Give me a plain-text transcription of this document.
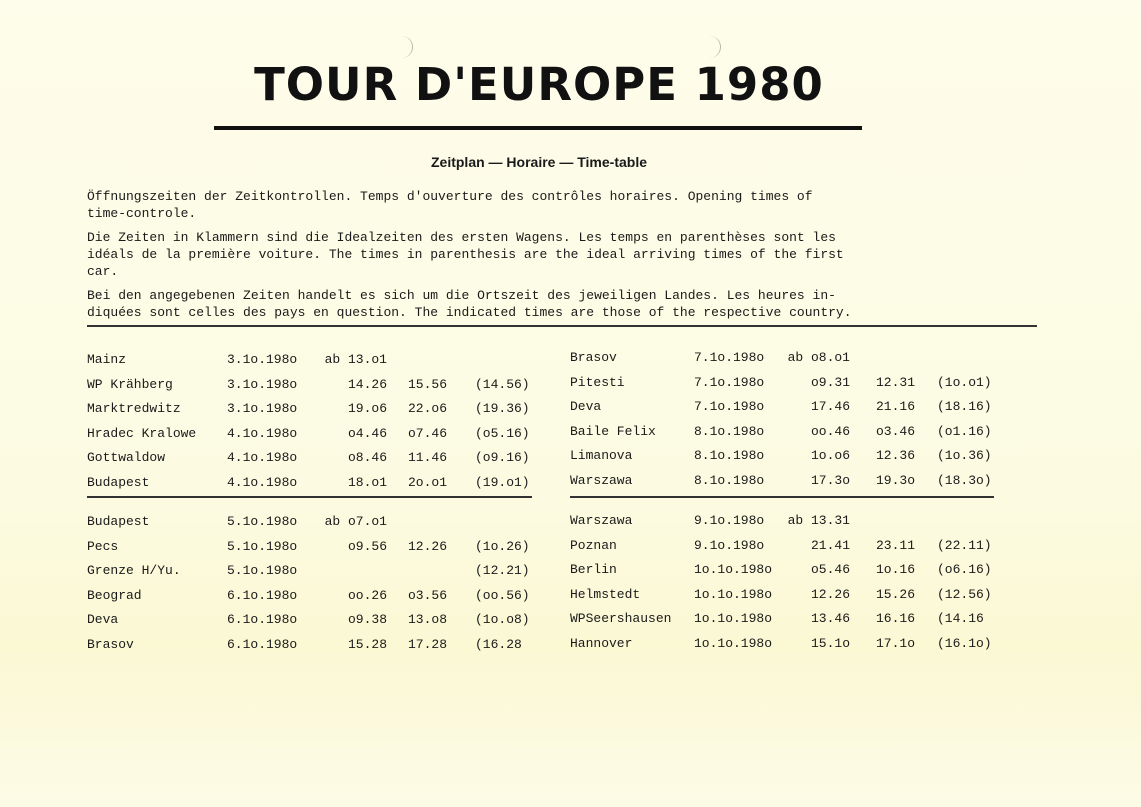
TOUR D'EUROPE 1980
Zeitplan — Horaire — Time-table

Öffnungszeiten der Zeitkontrollen. Temps d'ouverture des contrôles horaires. Opening times of
time-controle.

Die Zeiten in Klammern sind die Idealzeiten des ersten Wagens. Les temps en parenthèses sont les
idéals de la première voiture. The times in parenthesis are the ideal arriving times of the first
car.

Bei den angegebenen Zeiten handelt es sich um die Ortszeit des jeweiligen Landes. Les heures in-
diquées sont celles des pays en question. The indicated times are those of the respective country.

Mainz	3.1o.198o	ab 13.o1
WP Krähberg	3.1o.198o	14.26 15.56 (14.56)
Marktredwitz	3.1o.198o	19.o6 22.o6 (19.36)
Hradec Kralowe 4.1o.198o	o4.46 o7.46 (o5.16)
Gottwaldow	4.1o.198o	o8.46 11.46 (o9.16)
Budapest	4.1o.198o	18.o1 2o.o1 (19.o1)
Budapest	5.1o.198o	ab o7.o1
Pecs	5.1o.198o	o9.56 12.26 (1o.26)
Grenze H/Yu.	5.1o.198o	(12.21)
Beograd	6.1o.198o	oo.26 o3.56 (oo.56)
Deva	6.1o.198o	o9.38 13.o8 (1o.o8)
Brasov	6.1o.198o	15.28 17.28 (16.28
Brasov	7.1o.198o	ab o8.o1
Pitesti	7.1o.198o	o9.31 12.31 (1o.o1)
Deva	7.1o.198o	17.46 21.16 (18.16)
Baile Felix	8.1o.198o	oo.46 o3.46 (o1.16)
Limanova	8.1o.198o	1o.o6 12.36 (1o.36)
Warszawa	8.1o.198o	17.3o 19.3o (18.3o)
Warszawa	9.1o.198o	ab 13.31
Poznan	9.1o.198o	21.41 23.11 (22.11)
Berlin	1o.1o.198o	o5.46 1o.16 (o6.16)
Helmstedt	1o.1o.198o	12.26 15.26 (12.56)
WPSeershausen 1o.1o.198o	13.46 16.16 (14.16
Hannover	1o.1o.198o	15.1o 17.1o (16.1o)
